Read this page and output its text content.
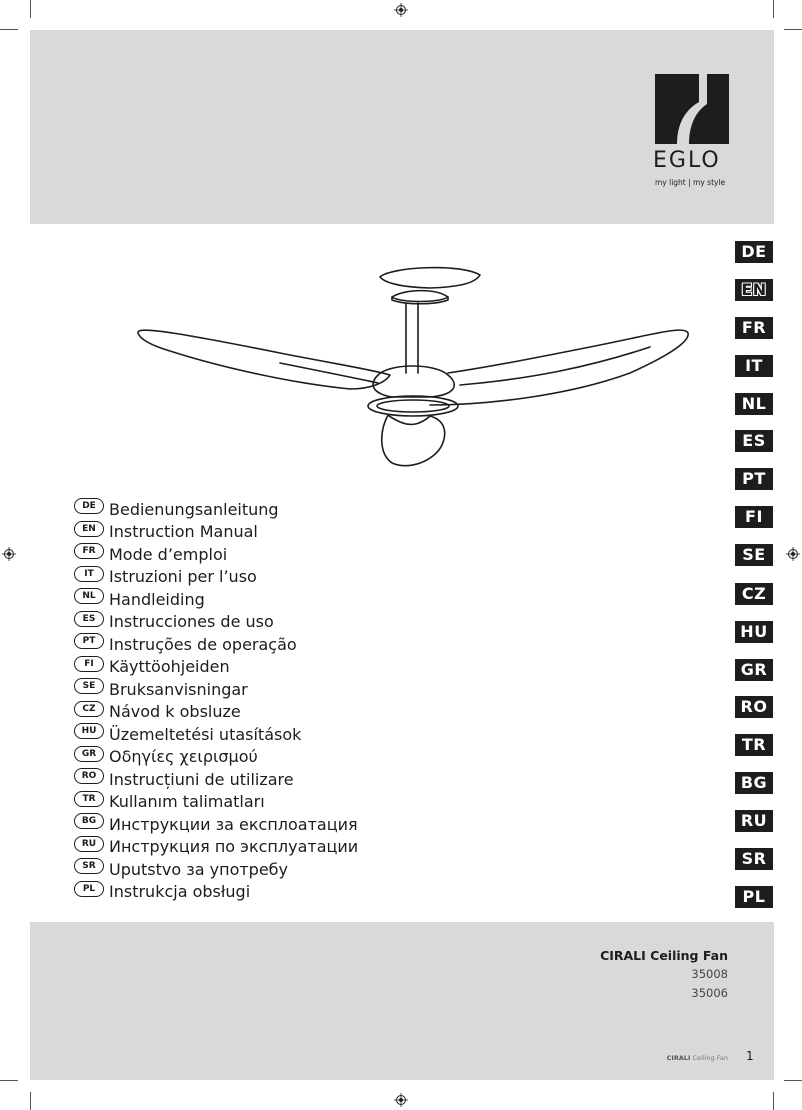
EGLO
my light | my style
DE
EN
FR
IT
NL
ES
PT
FI
SE
CZ
HU
GR
RO
TR
BG
RU
SR
PL
DE Bedienungsanleitung
EN Instruction Manual
FR Mode d’emploi
IT Istruzioni per l’uso
NL Handleiding
ES Instrucciones de uso
PT Instruções de operação
FI Käyttöohjeiden
SE Bruksanvisningar
CZ Návod k obsluze
HU Üzemeltetési utasítások
GR Οδηγίες χειρισμού
RO Instrucțiuni de utilizare
TR Kullanım talimatları
BG Инструкции за експлоатация
RU Инструкция по эксплуатации
SR Uputstvo за употребу
PL Instrukcja obsługi
CIRALI Ceiling Fan
35008
35006
CIRALI Ceiling Fan 1
